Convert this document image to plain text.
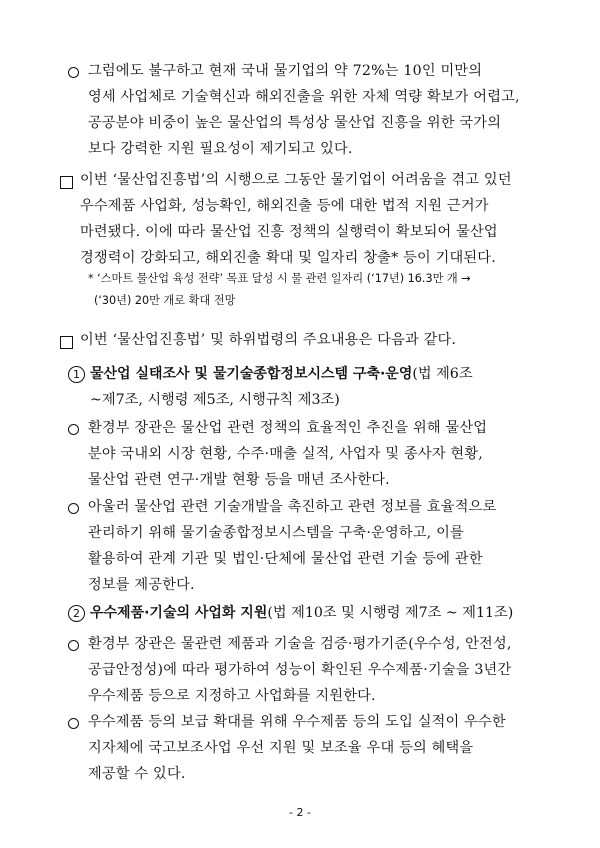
그럼에도 불구하고 현재 국내 물기업의 약 72%는 10인 미만의
영세 사업체로 기술혁신과 해외진출을 위한 자체 역량 확보가 어렵고,
공공분야 비중이 높은 물산업의 특성상 물산업 진흥을 위한 국가의
보다 강력한 지원 필요성이 제기되고 있다.
이번 ‘물산업진흥법’의 시행으로 그동안 물기업이 어려움을 겪고 있던
우수제품 사업화, 성능확인, 해외진출 등에 대한 법적 지원 근거가
마련됐다. 이에 따라 물산업 진흥 정책의 실행력이 확보되어 물산업
경쟁력이 강화되고, 해외진출 확대 및 일자리 창출* 등이 기대된다.
* ‘스마트 물산업 육성 전략’ 목표 달성 시 물 관련 일자리 (‘17년) 16.3만 개 →
(‘30년) 20만 개로 확대 전망
이번 ‘물산업진흥법’ 및 하위법령의 주요내용은 다음과 같다.
1 물산업 실태조사 및 물기술종합정보시스템 구축·운영(법 제6조
~제7조, 시행령 제5조, 시행규칙 제3조)
환경부 장관은 물산업 관련 정책의 효율적인 추진을 위해 물산업
분야 국내외 시장 현황, 수주·매출 실적, 사업자 및 종사자 현황,
물산업 관련 연구·개발 현황 등을 매년 조사한다.
아울러 물산업 관련 기술개발을 촉진하고 관련 정보를 효율적으로
관리하기 위해 물기술종합정보시스템을 구축·운영하고, 이를
활용하여 관계 기관 및 법인·단체에 물산업 관련 기술 등에 관한
정보를 제공한다.
2 우수제품·기술의 사업화 지원(법 제10조 및 시행령 제7조 ~ 제11조)
환경부 장관은 물관련 제품과 기술을 검증·평가기준(우수성, 안전성,
공급안정성)에 따라 평가하여 성능이 확인된 우수제품·기술을 3년간
우수제품 등으로 지정하고 사업화를 지원한다.
우수제품 등의 보급 확대를 위해 우수제품 등의 도입 실적이 우수한
지자체에 국고보조사업 우선 지원 및 보조율 우대 등의 혜택을
제공할 수 있다.
- 2 -
